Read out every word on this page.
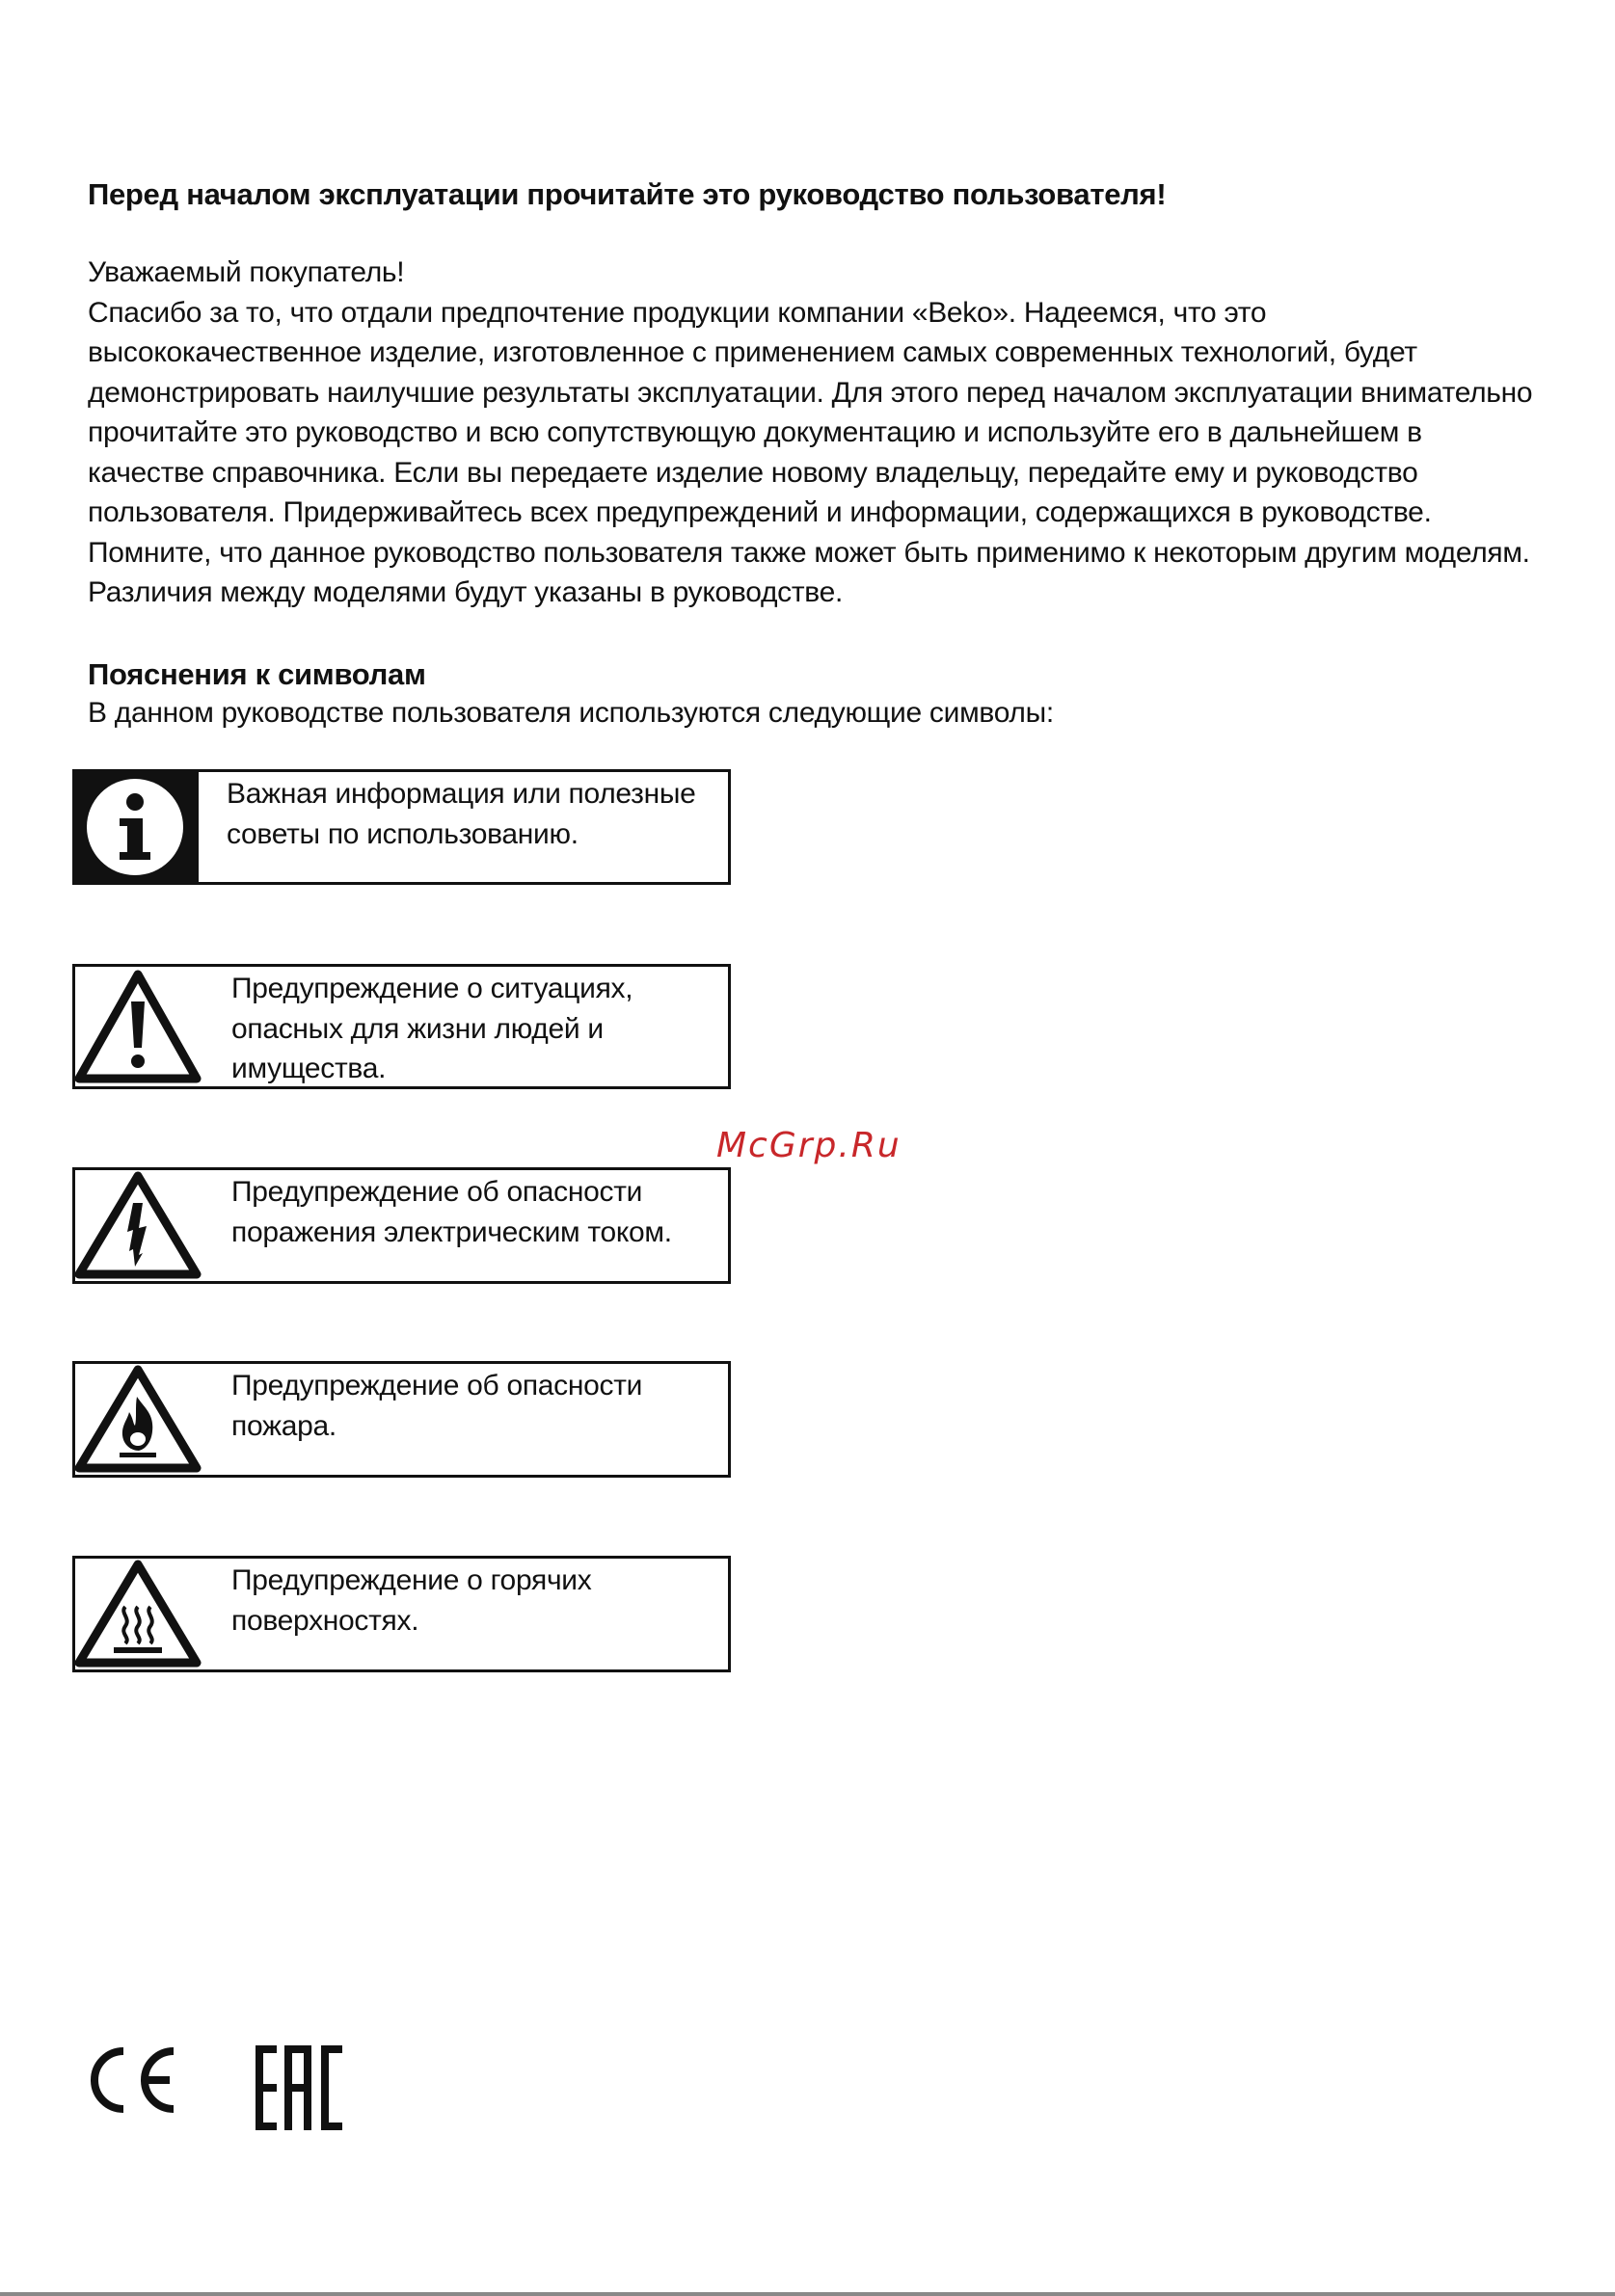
Перед началом эксплуатации прочитайте это руководство пользователя!

Уважаемый покупатель!

Спасибо за то, что отдали предпочтение продукции компании «Beko». Надеемся, что это высококачественное изделие, изготовленное с применением самых современных технологий, будет демонстрировать наилучшие результаты эксплуатации. Для этого перед началом эксплуатации внимательно прочитайте это руководство и всю сопутствующую документацию и используйте его в дальнейшем в качестве справочника. Если вы передаете изделие новому владельцу, передайте ему и руководство пользователя. Придерживайтесь всех предупреждений и информации, содержащихся в руководстве.

Помните, что данное руководство пользователя также может быть применимо к некоторым другим моделям. Различия между моделями будут указаны в руководстве.

Пояснения к символам
В данном руководстве пользователя используются следующие символы:
Важная информация или полезные советы по использованию.
Предупреждение о ситуациях, опасных для жизни людей и имущества.
Предупреждение об опасности поражения электрическим током.
Предупреждение об опасности пожара.
Предупреждение о горячих поверхностях.
McGrp.Ru
